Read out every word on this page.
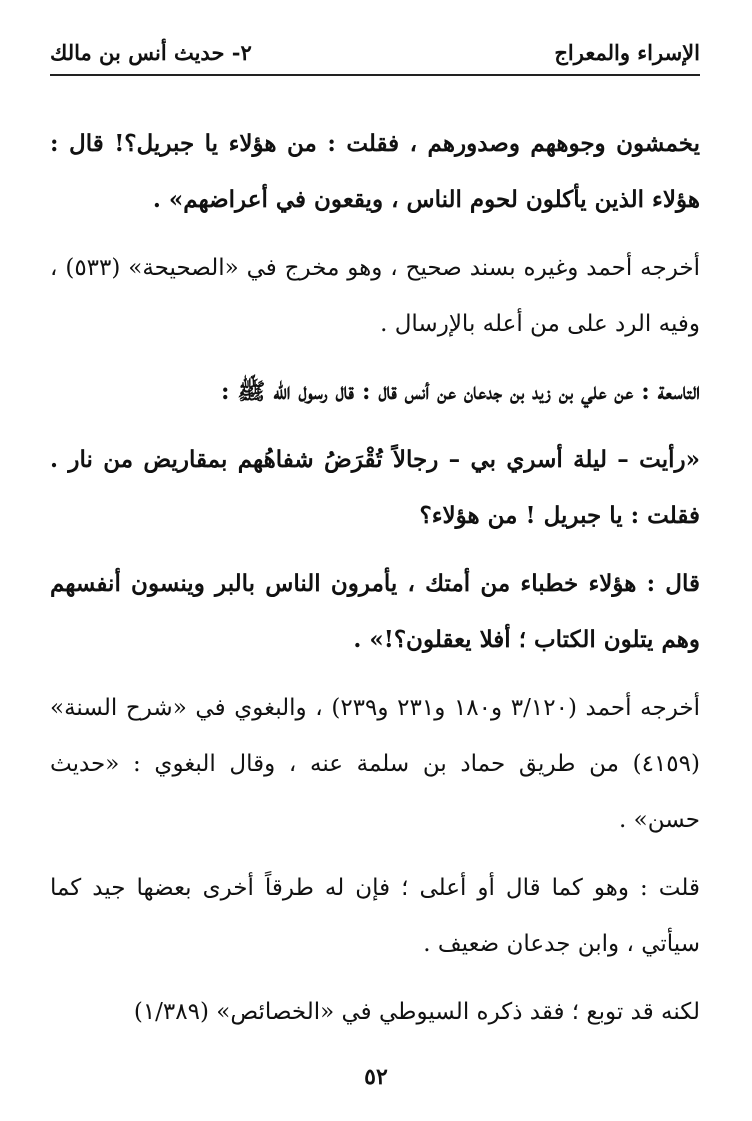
الإسراء والمعراج
٢- حديث أنس بن مالك

يخمشون وجوههم وصدورهم ، فقلت : من هؤلاء يا جبريل؟! قال : هؤلاء الذين يأكلون لحوم الناس ، ويقعون في أعراضهم» .

أخرجه أحمد وغيره بسند صحيح ، وهو مخرج في «الصحيحة» (٥٣٣) ، وفيه الرد على من أعله بالإرسال .

التاسعة : عن علي بن زيد بن جدعان عن أنس قال : قال رسول الله ﷺ :

«رأيت – ليلة أسري بي – رجالاً تُقْرَضُ شفاهُهم بمقاريض من نار . فقلت : يا جبريل ! من هؤلاء؟

قال : هؤلاء خطباء من أمتك ، يأمرون الناس بالبر وينسون أنفسهم وهم يتلون الكتاب ؛ أفلا يعقلون؟!» .

أخرجه أحمد (٣/١٢٠ و١٨٠ و٢٣١ و٢٣٩) ، والبغوي في «شرح السنة» (٤١٥٩) من طريق حماد بن سلمة عنه ، وقال البغوي : «حديث حسن» .

قلت : وهو كما قال أو أعلى ؛ فإن له طرقاً أخرى بعضها جيد كما سيأتي ، وابن جدعان ضعيف .

لكنه قد توبع ؛ فقد ذكره السيوطي في «الخصائص» (١/٣٨٩)

٥٢
